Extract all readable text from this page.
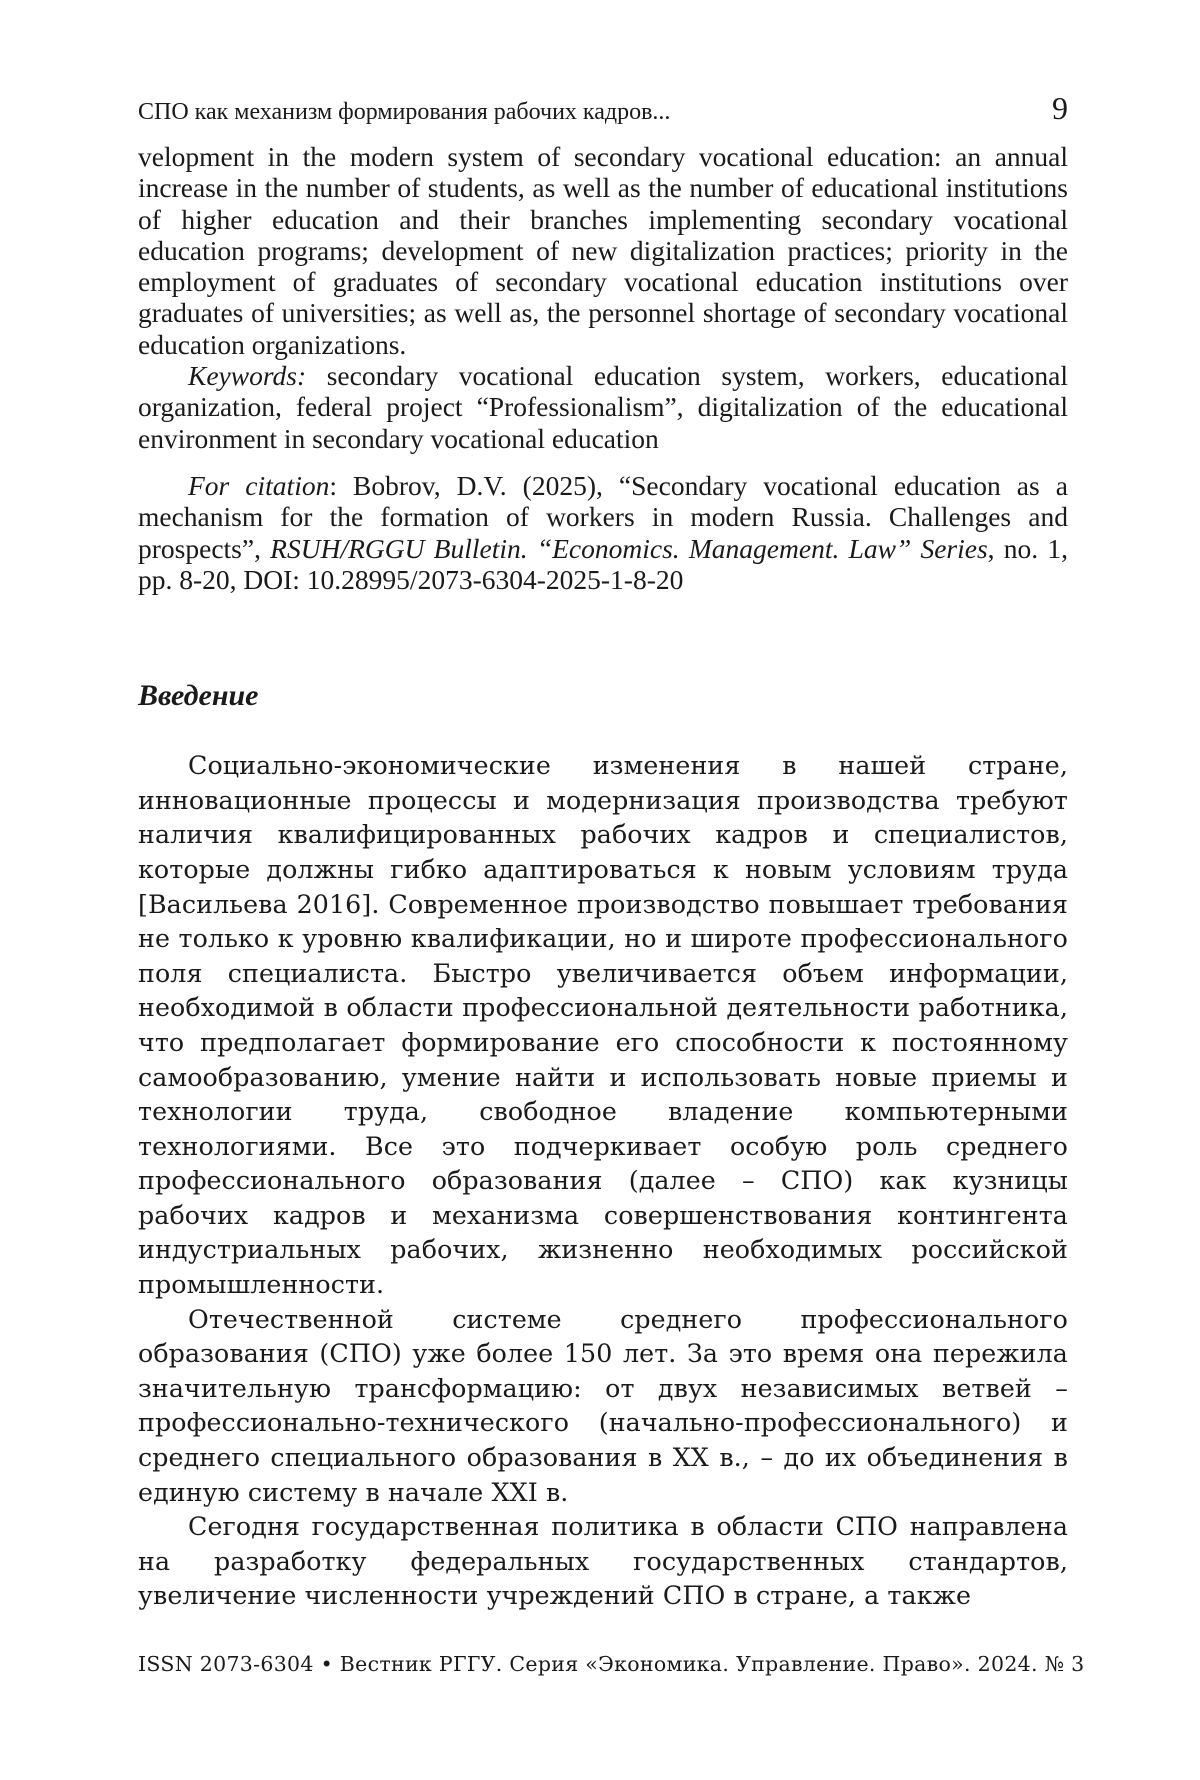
СПО как механизм формирования рабочих кадров...	9

velopment in the modern system of secondary vocational education: an annual increase in the number of students, as well as the number of educational institutions of higher education and their branches implementing secondary vocational education programs; development of new digitalization practices; priority in the employment of graduates of secondary vocational education institutions over graduates of universities; as well as, the personnel shortage of secondary vocational education organizations.

Keywords: secondary vocational education system, workers, educational organization, federal project “Professionalism”, digitalization of the educational environment in secondary vocational education

For citation: Bobrov, D.V. (2025), “Secondary vocational education as a mechanism for the formation of workers in modern Russia. Challenges and prospects”, RSUH/RGGU Bulletin. “Economics. Management. Law” Series, no. 1, pp. 8-20, DOI: 10.28995/2073-6304-2025-1-8-20

Введение

Социально-экономические изменения в нашей стране, инновационные процессы и модернизация производства требуют наличия квалифицированных рабочих кадров и специалистов, которые должны гибко адаптироваться к новым условиям труда [Васильева 2016]. Современное производство повышает требования не только к уровню квалификации, но и широте профессионального поля специалиста. Быстро увеличивается объем информации, необходимой в области профессиональной деятельности работника, что предполагает формирование его способности к постоянному самообразованию, умение найти и использовать новые приемы и технологии труда, свободное владение компьютерными технологиями. Все это подчеркивает особую роль среднего профессионального образования (далее – СПО) как кузницы рабочих кадров и механизма совершенствования контингента индустриальных рабочих, жизненно необходимых российской промышленности.

Отечественной системе среднего профессионального образования (СПО) уже более 150 лет. За это время она пережила значительную трансформацию: от двух независимых ветвей – профессионально-технического (начально-профессионального) и среднего специального образования в XX в., – до их объединения в единую систему в начале XXI в.

Сегодня государственная политика в области СПО направлена на разработку федеральных государственных стандартов, увеличение численности учреждений СПО в стране, а также

ISSN 2073-6304 • Вестник РГГУ. Серия «Экономика. Управление. Право». 2024. № 3
